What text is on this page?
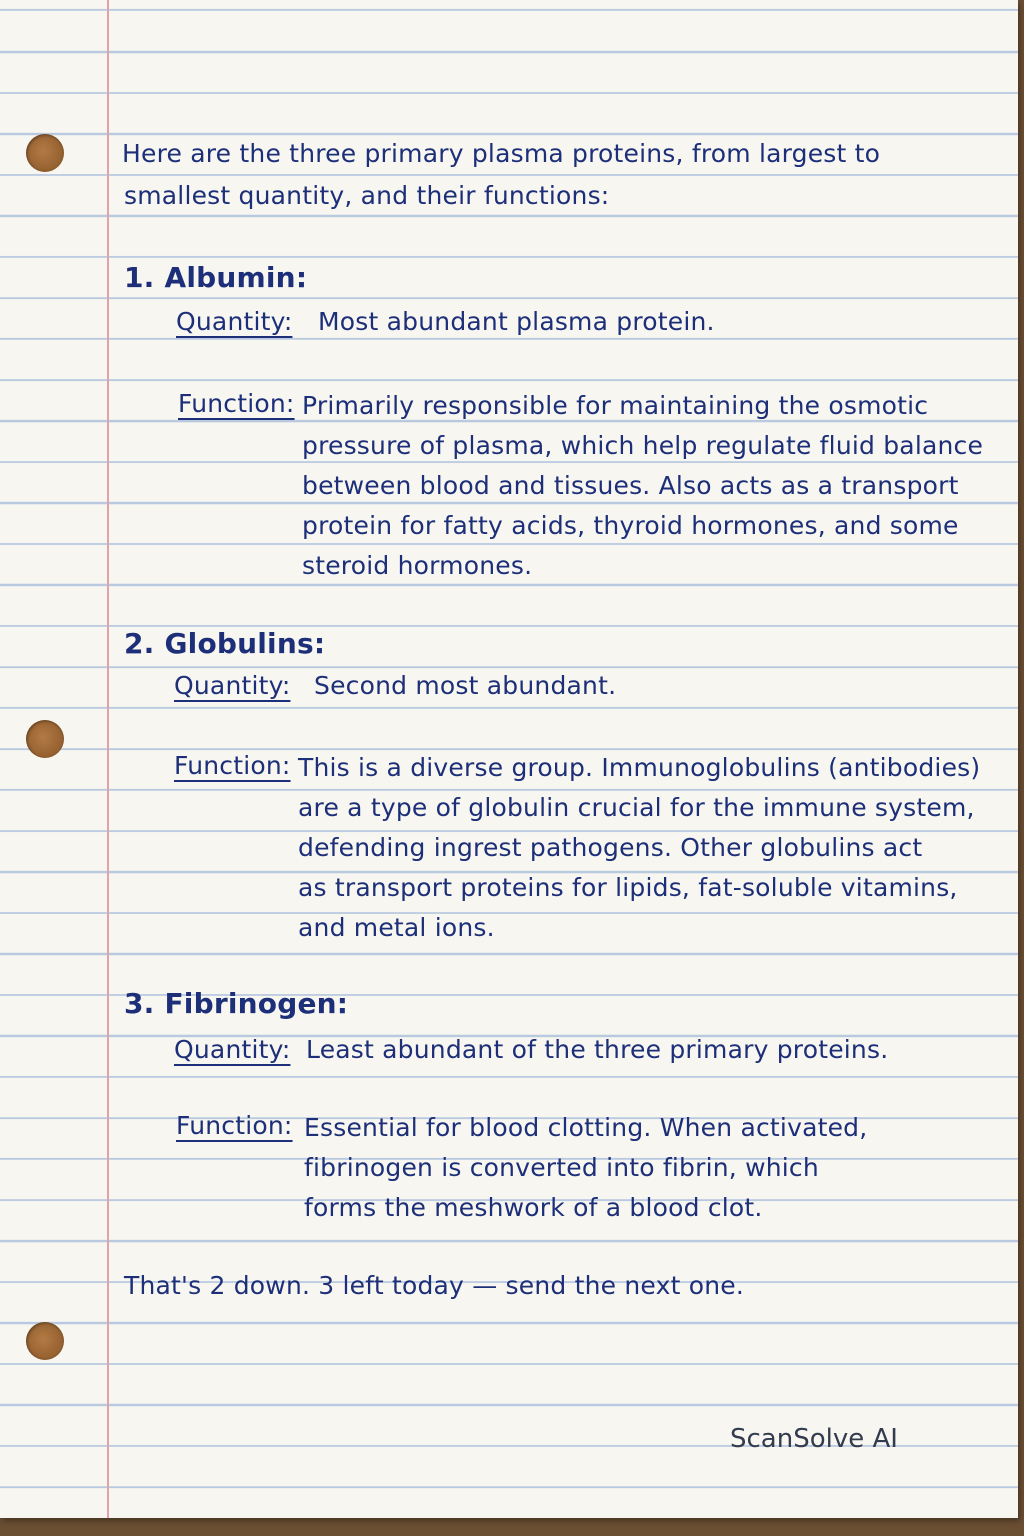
Here are the three primary plasma proteins, from largest to
smallest quantity, and their functions:
1. Albumin:
Quantity: Most abundant plasma protein.
Function: Primarily responsible for maintaining the osmotic
pressure of plasma, which help regulate fluid balance
between blood and tissues. Also acts as a transport
protein for fatty acids, thyroid hormones, and some
steroid hormones.
2. Globulins:
Quantity: Second most abundant.
Function: This is a diverse group. Immunoglobulins (antibodies)
are a type of globulin crucial for the immune system,
defending ingrest pathogens. Other globulins act
as transport proteins for lipids, fat-soluble vitamins,
and metal ions.
3. Fibrinogen:
Quantity: Least abundant of the three primary proteins.
Function: Essential for blood clotting. When activated,
fibrinogen is converted into fibrin, which
forms the meshwork of a blood clot.
That's 2 down. 3 left today — send the next one.
ScanSolve AI
